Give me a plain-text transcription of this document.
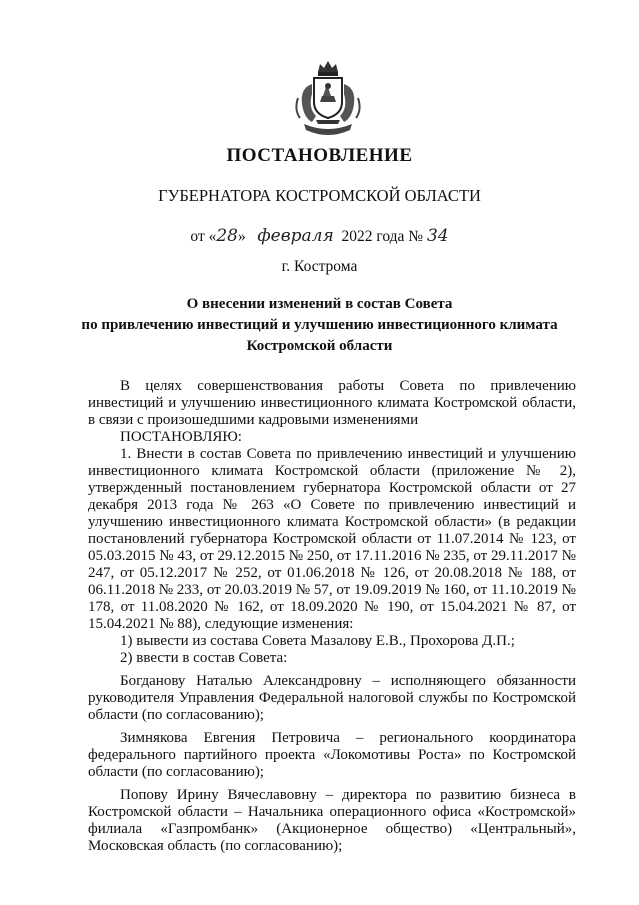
ПОСТАНОВЛЕНИЕ
ГУБЕРНАТОРА КОСТРОМСКОЙ ОБЛАСТИ
от «28» февраля 2022 года № 34
г. Кострома
О внесении изменений в состав Совета
по привлечению инвестиций и улучшению инвестиционного климата
Костромской области

В целях совершенствования работы Совета по привлечению инвестиций и улучшению инвестиционного климата Костромской области, в связи с произошедшими кадровыми изменениями

ПОСТАНОВЛЯЮ:

1. Внести в состав Совета по привлечению инвестиций и улучшению инвестиционного климата Костромской области (приложение № 2), утвержденный постановлением губернатора Костромской области от 27 декабря 2013 года № 263 «О Совете по привлечению инвестиций и улучшению инвестиционного климата Костромской области» (в редакции постановлений губернатора Костромской области от 11.07.2014 № 123, от 05.03.2015 № 43, от 29.12.2015 № 250, от 17.11.2016 № 235, от 29.11.2017 № 247, от 05.12.2017 № 252, от 01.06.2018 № 126, от 20.08.2018 № 188, от 06.11.2018 № 233, от 20.03.2019 № 57, от 19.09.2019 № 160, от 11.10.2019 № 178, от 11.08.2020 № 162, от 18.09.2020 № 190, от 15.04.2021 № 87, от 15.04.2021 № 88), следующие изменения:

1) вывести из состава Совета Мазалову Е.В., Прохорова Д.П.;

2) ввести в состав Совета:

Богданову Наталью Александровну – исполняющего обязанности руководителя Управления Федеральной налоговой службы по Костромской области (по согласованию);

Зимнякова Евгения Петровича – регионального координатора федерального партийного проекта «Локомотивы Роста» по Костромской области (по согласованию);

Попову Ирину Вячеславовну – директора по развитию бизнеса в Костромской области – Начальника операционного офиса «Костромской» филиала «Газпромбанк» (Акционерное общество) «Центральный», Московская область (по согласованию);
